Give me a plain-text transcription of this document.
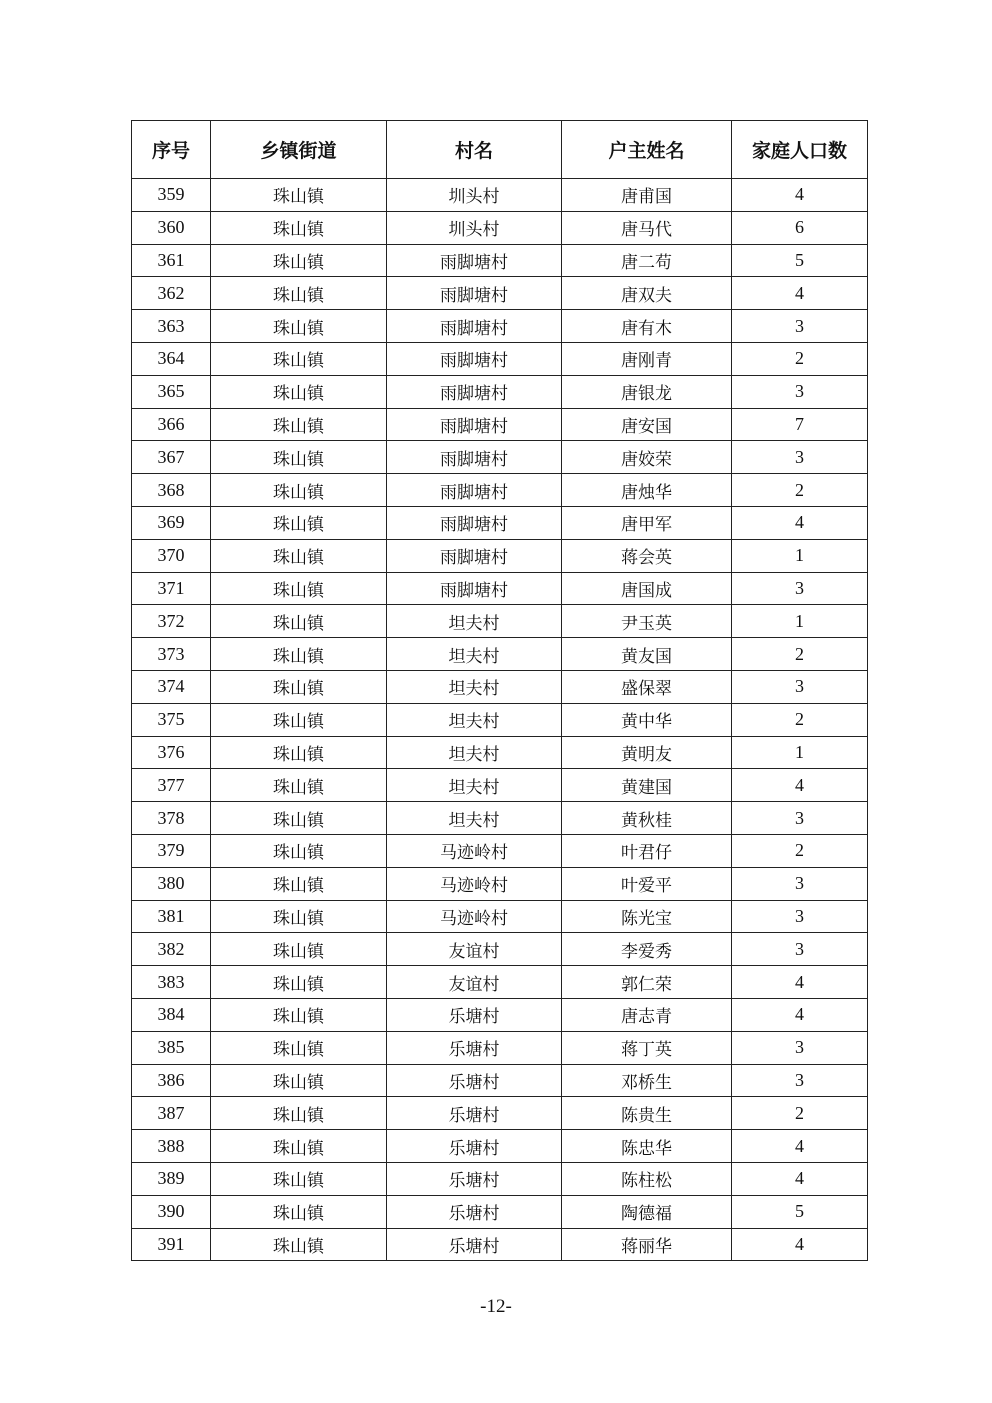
序号	乡镇街道	村名	户主姓名	家庭人口数
359	珠山镇	圳头村	唐甫国	4
360	珠山镇	圳头村	唐马代	6
361	珠山镇	雨脚塘村	唐二苟	5
362	珠山镇	雨脚塘村	唐双夫	4
363	珠山镇	雨脚塘村	唐有木	3
364	珠山镇	雨脚塘村	唐刚青	2
365	珠山镇	雨脚塘村	唐银龙	3
366	珠山镇	雨脚塘村	唐安国	7
367	珠山镇	雨脚塘村	唐姣荣	3
368	珠山镇	雨脚塘村	唐烛华	2
369	珠山镇	雨脚塘村	唐甲军	4
370	珠山镇	雨脚塘村	蒋会英	1
371	珠山镇	雨脚塘村	唐国成	3
372	珠山镇	坦夫村	尹玉英	1
373	珠山镇	坦夫村	黄友国	2
374	珠山镇	坦夫村	盛保翠	3
375	珠山镇	坦夫村	黄中华	2
376	珠山镇	坦夫村	黄明友	1
377	珠山镇	坦夫村	黄建国	4
378	珠山镇	坦夫村	黄秋桂	3
379	珠山镇	马迹岭村	叶君仔	2
380	珠山镇	马迹岭村	叶爱平	3
381	珠山镇	马迹岭村	陈光宝	3
382	珠山镇	友谊村	李爱秀	3
383	珠山镇	友谊村	郭仁荣	4
384	珠山镇	乐塘村	唐志青	4
385	珠山镇	乐塘村	蒋丁英	3
386	珠山镇	乐塘村	邓桥生	3
387	珠山镇	乐塘村	陈贵生	2
388	珠山镇	乐塘村	陈忠华	4
389	珠山镇	乐塘村	陈柱松	4
390	珠山镇	乐塘村	陶德福	5
391	珠山镇	乐塘村	蒋丽华	4
-12-
